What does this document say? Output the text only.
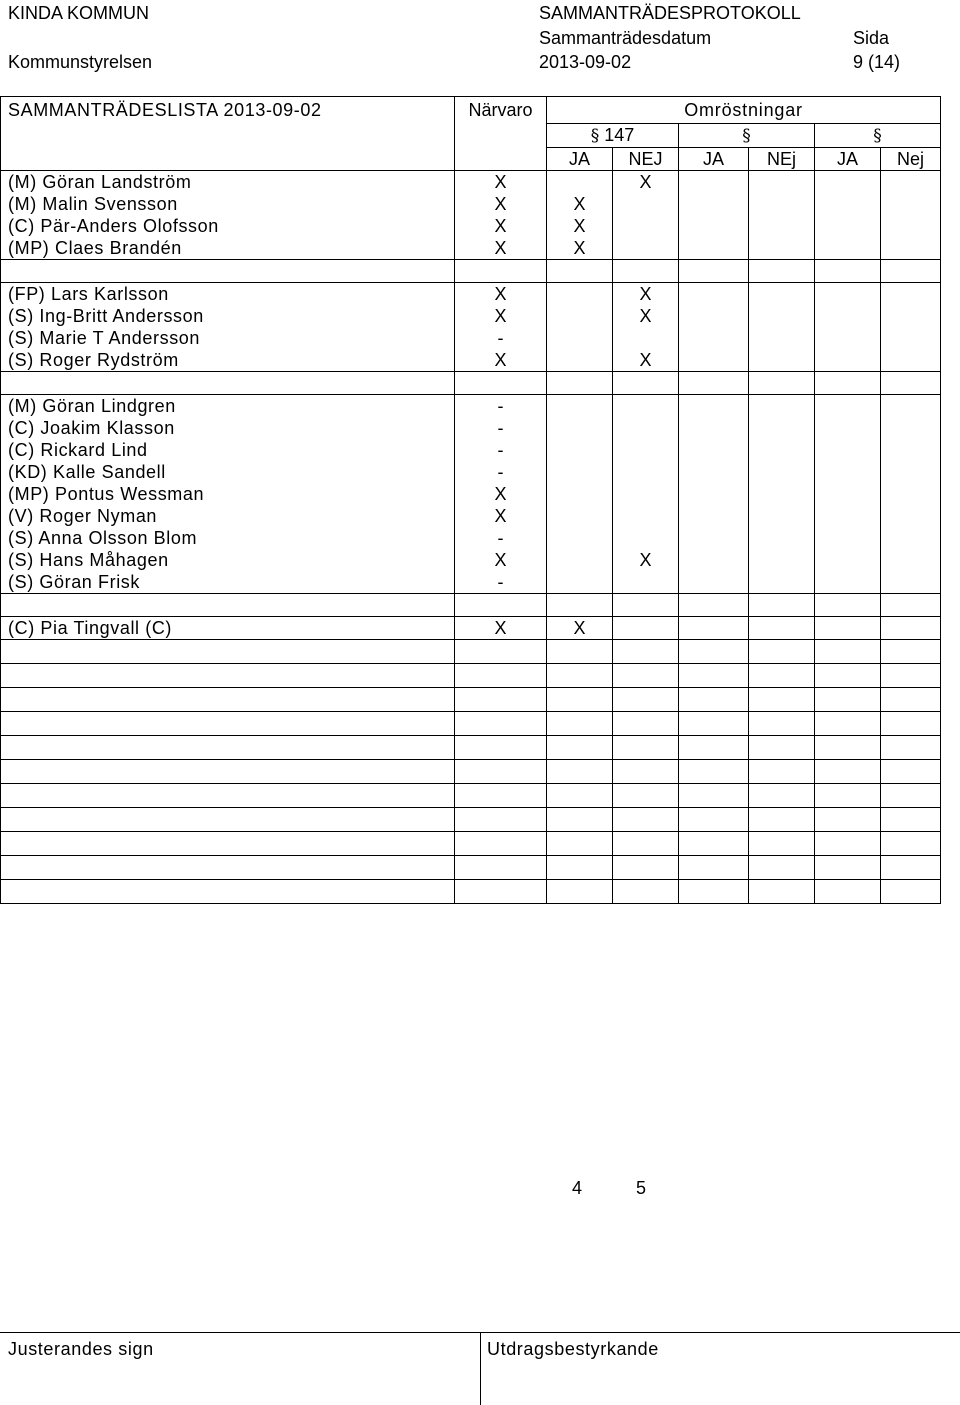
KINDA KOMMUN	SAMMANTRÄDESPROTOKOLL
Sammanträdesdatum	Sida
Kommunstyrelsen	2013-09-02	9 (14)
SAMMANTRÄDESLISTA 2013-09-02	Närvaro	Omröstningar					
		§ 147		§		§	
		JA	NEJ	JA	NEj	JA	Nej
(M) Göran Landström	X		X				
(M) Malin Svensson	X	X					
(C) Pär-Anders Olofsson	X	X					
(MP) Claes Brandén	X	X					

(FP) Lars Karlsson	X		X				
(S) Ing-Britt Andersson	X		X				
(S) Marie T Andersson	-						
(S) Roger Rydström	X		X				

(M) Göran Lindgren	-						
(C) Joakim Klasson	-						
(C) Rickard Lind	-						
(KD) Kalle Sandell	-						
(MP) Pontus Wessman	X						
(V) Roger Nyman	X						
(S) Anna Olsson Blom	-						
(S) Hans Måhagen	X		X				
(S) Göran Frisk	-						

(C) Pia Tingvall (C)	X	X					

4	5
Justerandes sign	Utdragsbestyrkande
